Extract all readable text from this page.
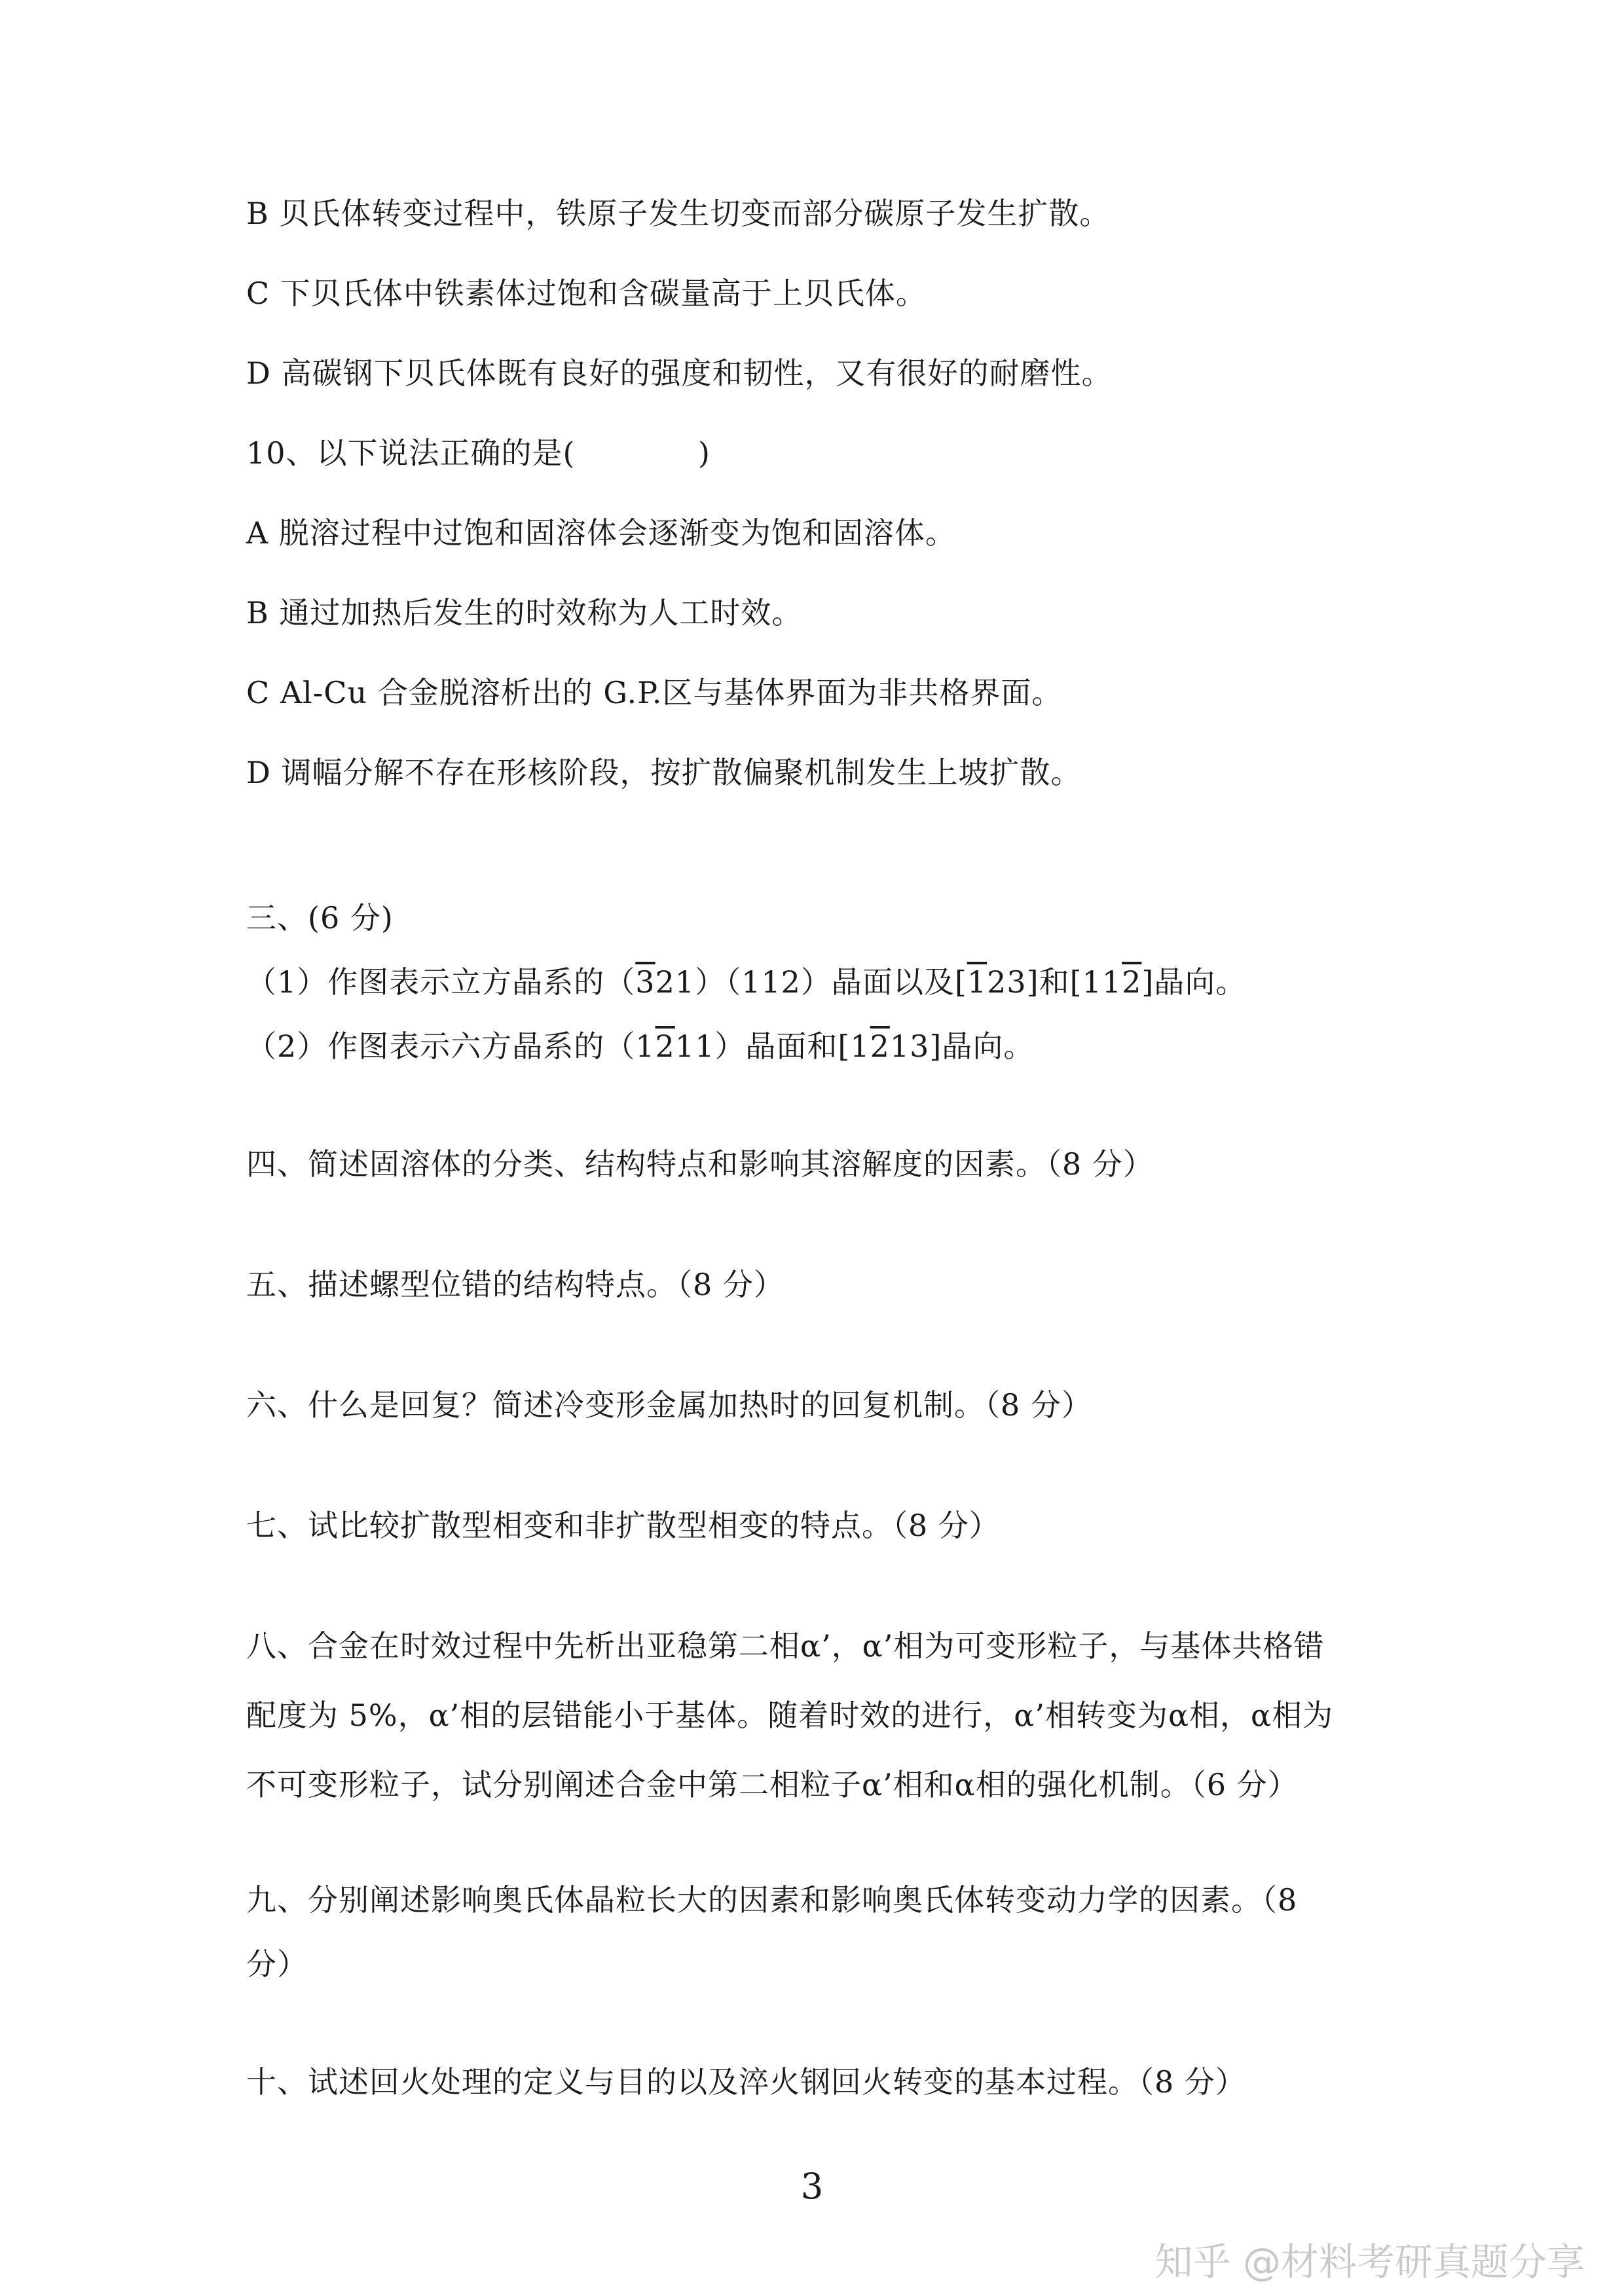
B 贝氏体转变过程中，铁原子发生切变而部分碳原子发生扩散。
C 下贝氏体中铁素体过饱和含碳量高于上贝氏体。
D 高碳钢下贝氏体既有良好的强度和韧性，又有很好的耐磨性。
10、以下说法正确的是(            )
A 脱溶过程中过饱和固溶体会逐渐变为饱和固溶体。
B 通过加热后发生的时效称为人工时效。
C Al-Cu 合金脱溶析出的 G.P.区与基体界面为非共格界面。
D 调幅分解不存在形核阶段，按扩散偏聚机制发生上坡扩散。
三、(6 分)
（1）作图表示立方晶系的（321）（112）晶面以及[123]和[112]晶向。
（2）作图表示六方晶系的（1211）晶面和[1213]晶向。
四、简述固溶体的分类、结构特点和影响其溶解度的因素。（8 分）
五、描述螺型位错的结构特点。（8 分）
六、什么是回复？简述冷变形金属加热时的回复机制。（8 分）
七、试比较扩散型相变和非扩散型相变的特点。（8 分）
八、合金在时效过程中先析出亚稳第二相α’，α’相为可变形粒子，与基体共格错
配度为 5%，α’相的层错能小于基体。随着时效的进行，α’相转变为α相，α相为
不可变形粒子，试分别阐述合金中第二相粒子α’相和α相的强化机制。（6 分）
九、分别阐述影响奥氏体晶粒长大的因素和影响奥氏体转变动力学的因素。（8
分）
十、试述回火处理的定义与目的以及淬火钢回火转变的基本过程。（8 分）
3
知乎 @材料考研真题分享
